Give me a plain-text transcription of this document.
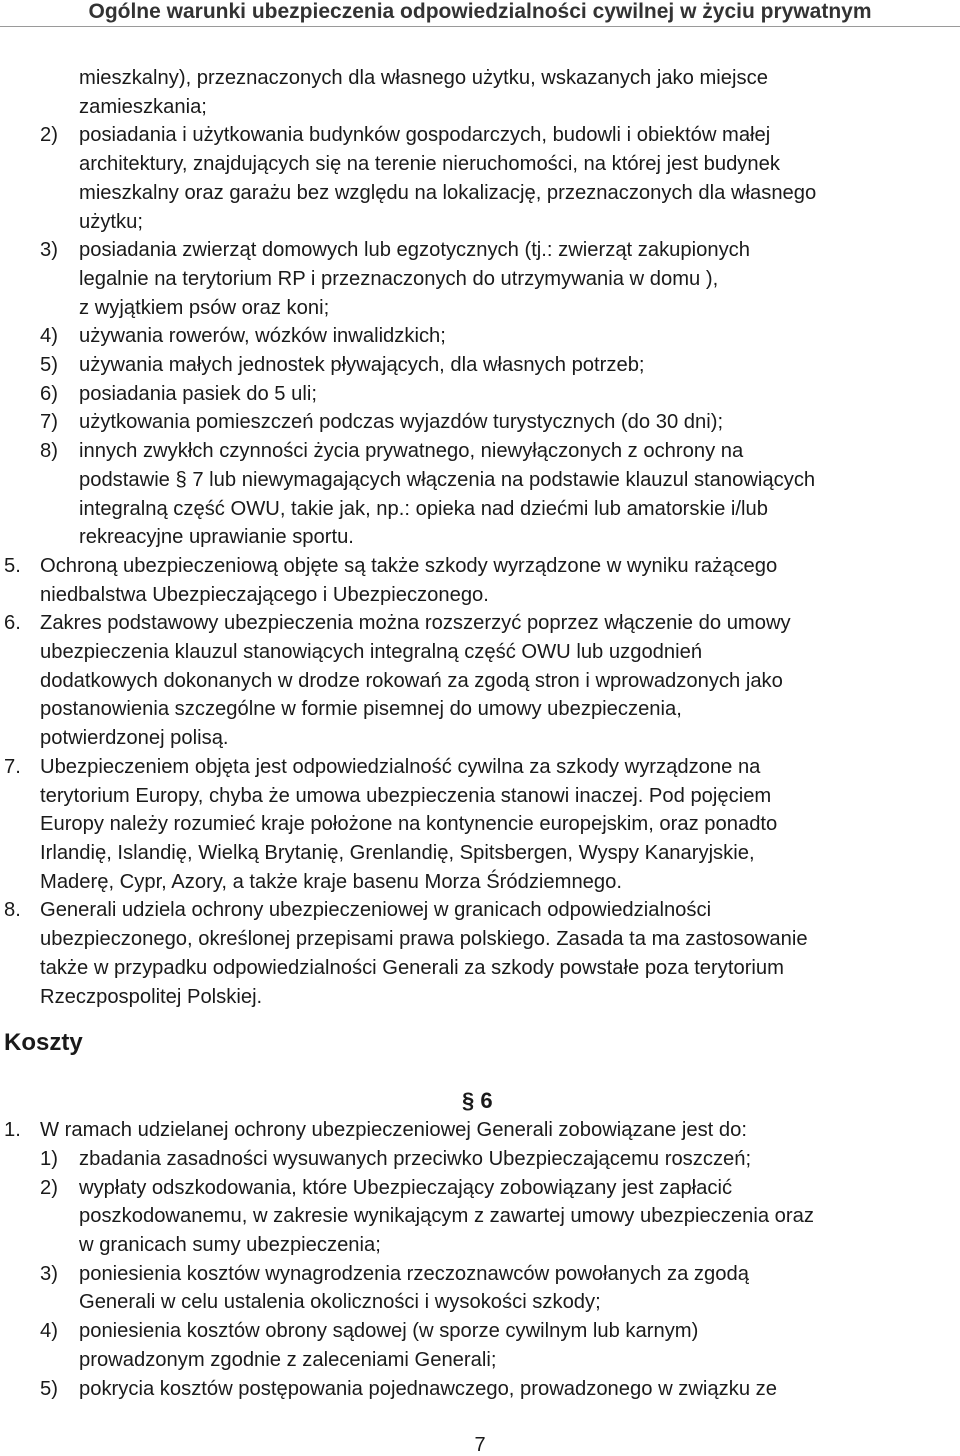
Ogólne warunki ubezpieczenia odpowiedzialności cywilnej w życiu prywatnym
mieszkalny), przeznaczonych dla własnego użytku, wskazanych jako miejsce
zamieszkania;
2) posiadania i użytkowania budynków gospodarczych, budowli i obiektów małej
architektury, znajdujących się na terenie nieruchomości, na której jest budynek
mieszkalny oraz garażu bez względu na lokalizację, przeznaczonych dla własnego
użytku;
3) posiadania zwierząt domowych lub egzotycznych (tj.: zwierząt zakupionych
legalnie na terytorium RP i przeznaczonych do utrzymywania w domu ),
z wyjątkiem psów oraz koni;
4) używania rowerów, wózków inwalidzkich;
5) używania małych jednostek pływających, dla własnych potrzeb;
6) posiadania pasiek do 5 uli;
7) użytkowania pomieszczeń podczas wyjazdów turystycznych (do 30 dni);
8) innych zwykłch czynności życia prywatnego, niewyłączonych z ochrony na
podstawie § 7 lub niewymagających włączenia na podstawie klauzul stanowiących
integralną część OWU, takie jak, np.: opieka nad dziećmi lub amatorskie i/lub
rekreacyjne uprawianie sportu.
5. Ochroną ubezpieczeniową objęte są także szkody wyrządzone w wyniku rażącego
niedbalstwa Ubezpieczającego i Ubezpieczonego.
6. Zakres podstawowy ubezpieczenia można rozszerzyć poprzez włączenie do umowy
ubezpieczenia klauzul stanowiących integralną część OWU lub uzgodnień
dodatkowych dokonanych w drodze rokowań za zgodą stron i wprowadzonych jako
postanowienia szczególne w formie pisemnej do umowy ubezpieczenia,
potwierdzonej polisą.
7. Ubezpieczeniem objęta jest odpowiedzialność cywilna za szkody wyrządzone na
terytorium Europy, chyba że umowa ubezpieczenia stanowi inaczej. Pod pojęciem
Europy należy rozumieć kraje położone na kontynencie europejskim, oraz ponadto
Irlandię, Islandię, Wielką Brytanię, Grenlandię, Spitsbergen, Wyspy Kanaryjskie,
Maderę, Cypr, Azory, a także kraje basenu Morza Śródziemnego.
8. Generali udziela ochrony ubezpieczeniowej w granicach odpowiedzialności
ubezpieczonego, określonej przepisami prawa polskiego. Zasada ta ma zastosowanie
także w przypadku odpowiedzialności Generali za szkody powstałe poza terytorium
Rzeczpospolitej Polskiej.
Koszty
§ 6
1. W ramach udzielanej ochrony ubezpieczeniowej Generali zobowiązane jest do:
1) zbadania zasadności wysuwanych przeciwko Ubezpieczającemu roszczeń;
2) wypłaty odszkodowania, które Ubezpieczający zobowiązany jest zapłacić
poszkodowanemu, w zakresie wynikającym z zawartej umowy ubezpieczenia oraz
w granicach sumy ubezpieczenia;
3) poniesienia kosztów wynagrodzenia rzeczoznawców powołanych za zgodą
Generali w celu ustalenia okoliczności i wysokości szkody;
4) poniesienia kosztów obrony sądowej (w sporze cywilnym lub karnym)
prowadzonym zgodnie z zaleceniami Generali;
5) pokrycia kosztów postępowania pojednawczego, prowadzonego w związku ze
7
